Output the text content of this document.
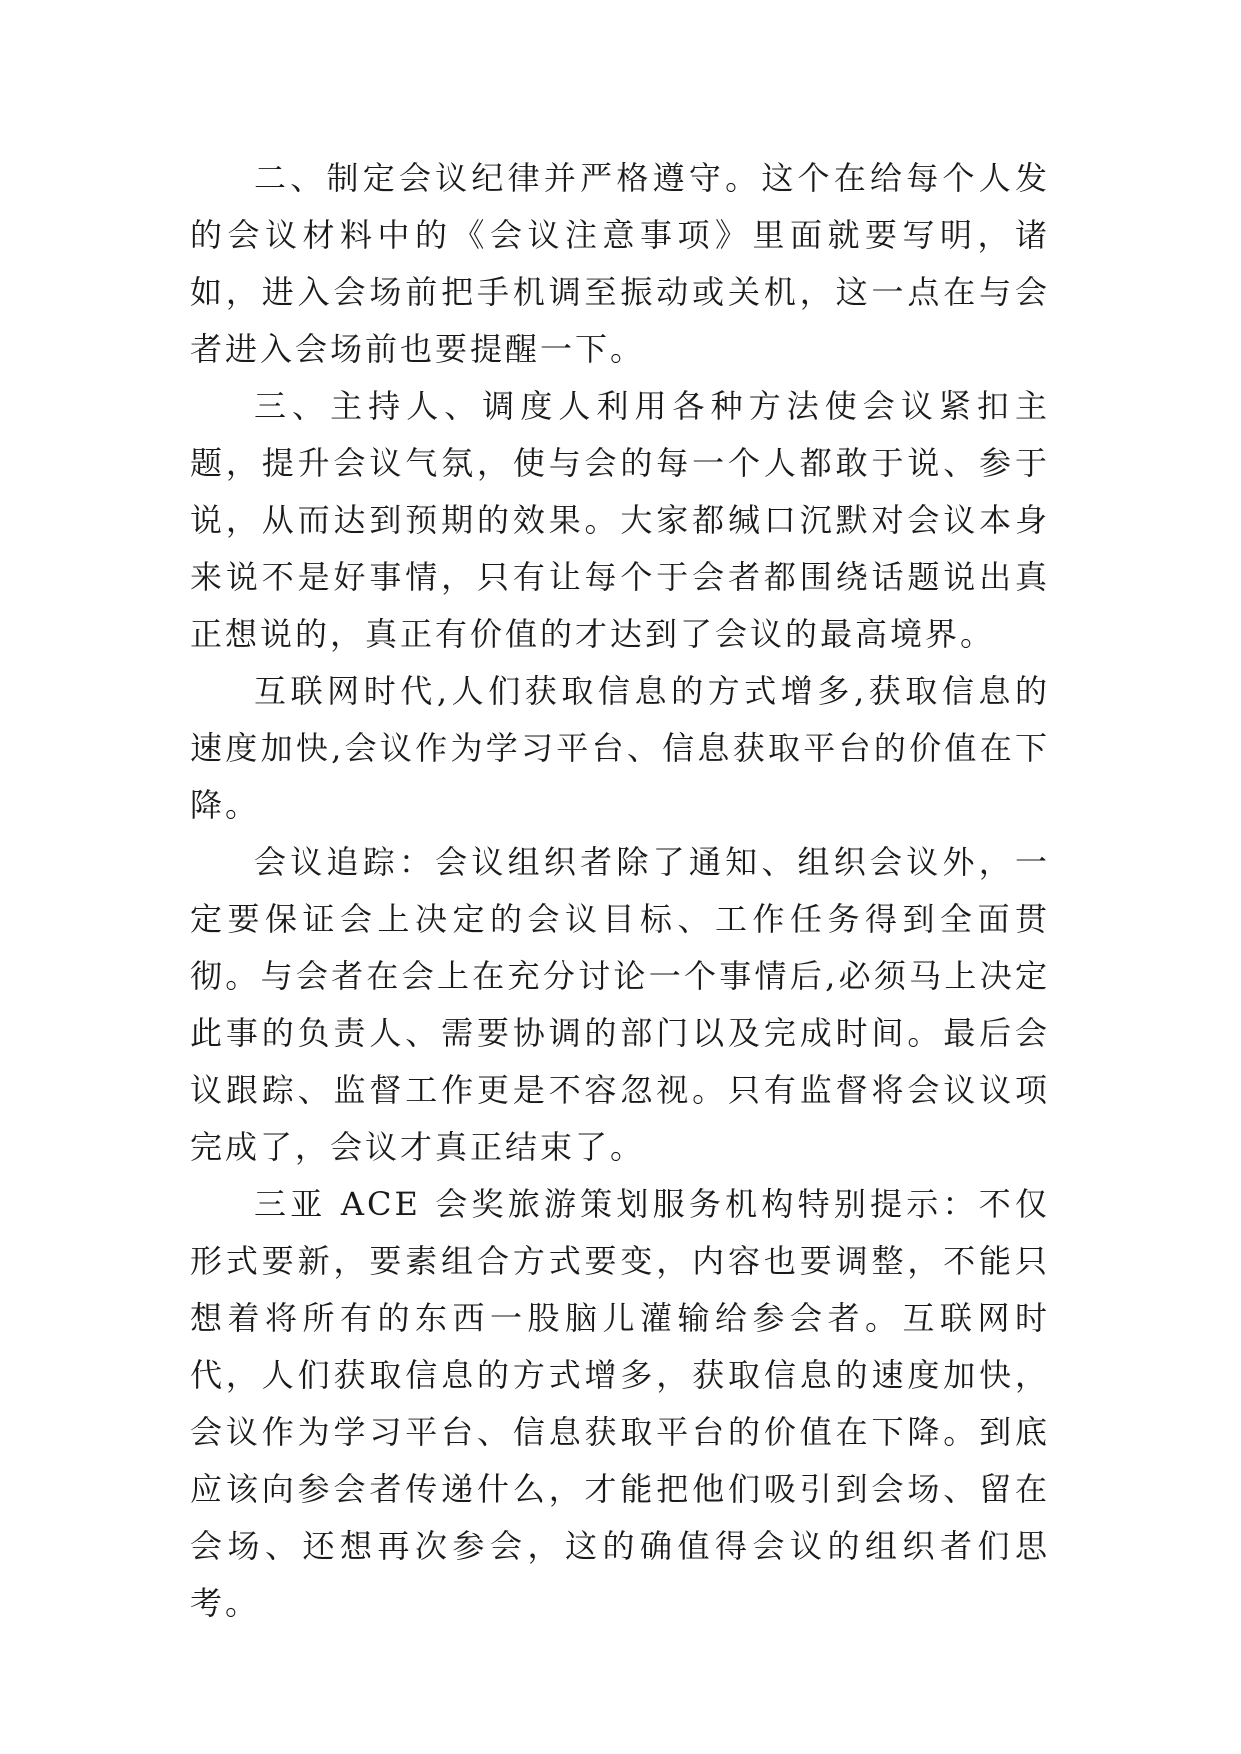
二、制定会议纪律并严格遵守。这个在给每个人发的会议材料中的《会议注意事项》里面就要写明，诸如，进入会场前把手机调至振动或关机，这一点在与会者进入会场前也要提醒一下。

三、主持人、调度人利用各种方法使会议紧扣主题，提升会议气氛，使与会的每一个人都敢于说、参于说，从而达到预期的效果。大家都缄口沉默对会议本身来说不是好事情，只有让每个于会者都围绕话题说出真正想说的，真正有价值的才达到了会议的最高境界。

互联网时代,人们获取信息的方式增多,获取信息的速度加快,会议作为学习平台、信息获取平台的价值在下降。

会议追踪：会议组织者除了通知、组织会议外，一定要保证会上决定的会议目标、工作任务得到全面贯彻。与会者在会上在充分讨论一个事情后,必须马上决定此事的负责人、需要协调的部门以及完成时间。最后会议跟踪、监督工作更是不容忽视。只有监督将会议议项完成了，会议才真正结束了。

三亚 ACE 会奖旅游策划服务机构特别提示：不仅形式要新，要素组合方式要变，内容也要调整，不能只想着将所有的东西一股脑儿灌输给参会者。互联网时代，人们获取信息的方式增多，获取信息的速度加快，会议作为学习平台、信息获取平台的价值在下降。到底应该向参会者传递什么，才能把他们吸引到会场、留在会场、还想再次参会，这的确值得会议的组织者们思考。
